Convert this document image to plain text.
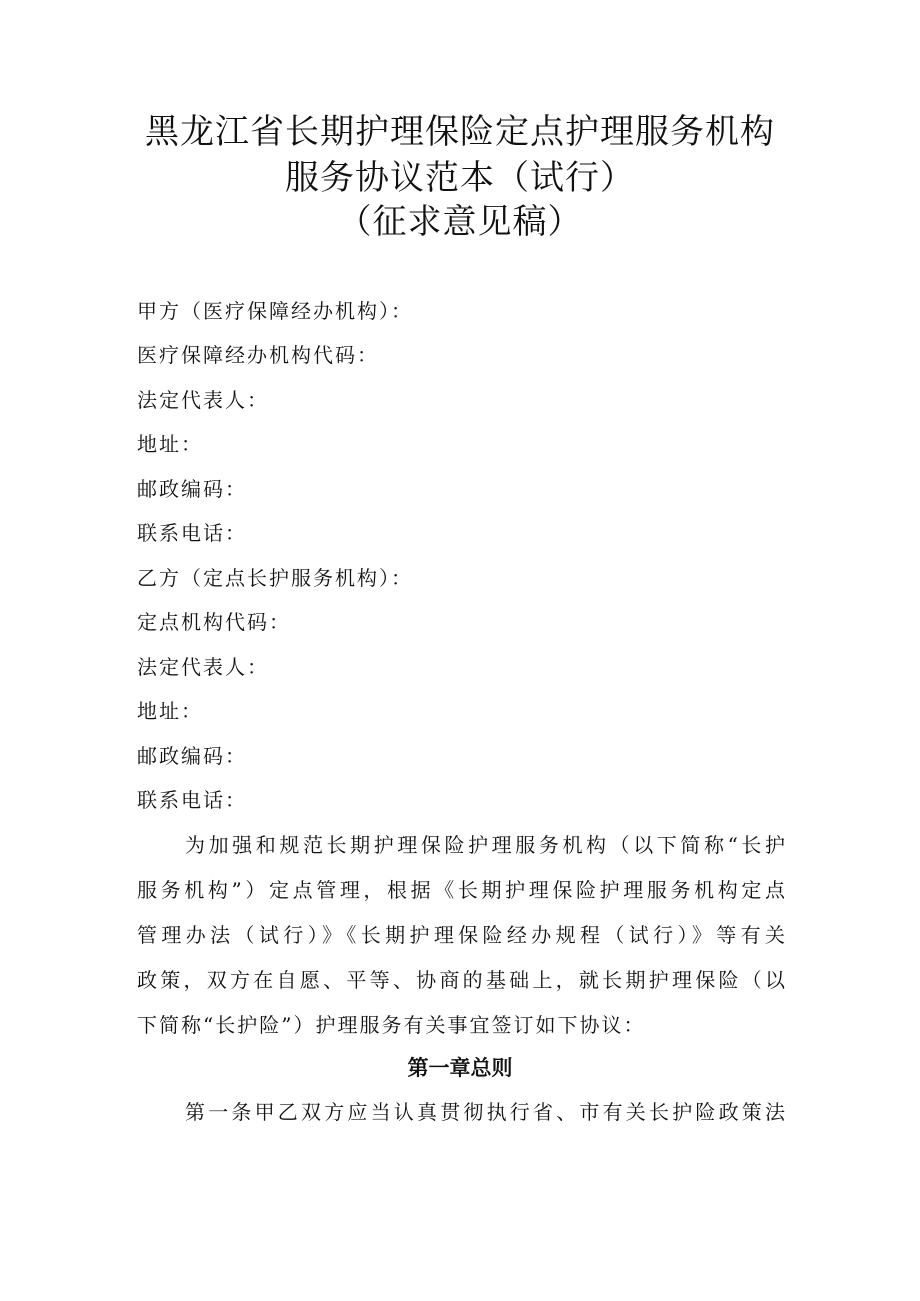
黑龙江省长期护理保险定点护理服务机构
服务协议范本（试行）
（征求意见稿）
甲方（医疗保障经办机构）：
医疗保障经办机构代码：
法定代表人：
地址：
邮政编码：
联系电话：
乙方（定点长护服务机构）：
定点机构代码：
法定代表人：
地址：
邮政编码：
联系电话：
为加强和规范长期护理保险护理服务机构（以下简称“长护
服务机构”）定点管理，根据《长期护理保险护理服务机构定点
管理办法（试行）》《长期护理保险经办规程（试行）》等有关
政策，双方在自愿、平等、协商的基础上，就长期护理保险（以
下简称“长护险”）护理服务有关事宜签订如下协议：
第一章总则
第一条甲乙双方应当认真贯彻执行省、市有关长护险政策法
